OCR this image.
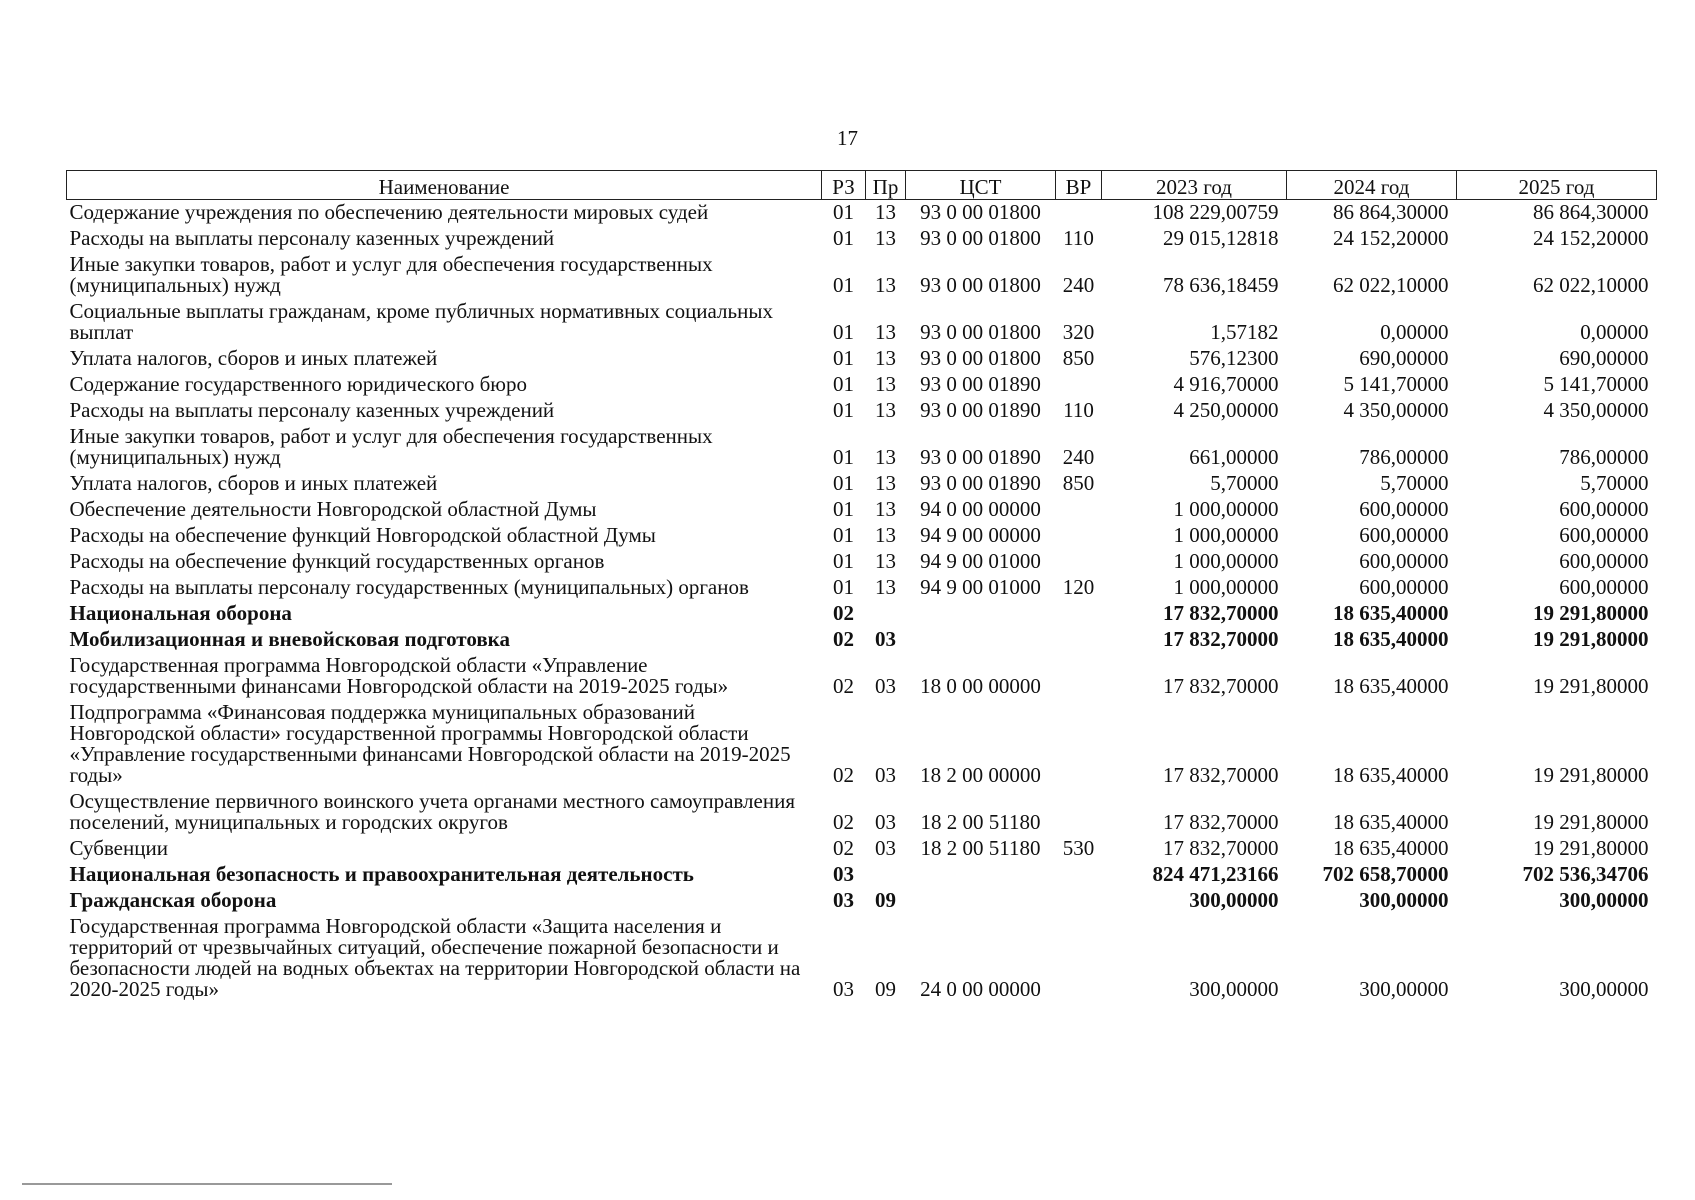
17
Наименование	РЗ	Пр	ЦСТ	ВР	2023 год	2024 год	2025 год
Содержание учреждения по обеспечению деятельности мировых судей	01	13	93 0 00 01800		108 229,00759	86 864,30000	86 864,30000
Расходы на выплаты персоналу казенных учреждений	01	13	93 0 00 01800	110	29 015,12818	24 152,20000	24 152,20000
Иные закупки товаров, работ и услуг для обеспечения государственных (муниципальных) нужд	01	13	93 0 00 01800	240	78 636,18459	62 022,10000	62 022,10000
Социальные выплаты гражданам, кроме публичных нормативных социальных выплат	01	13	93 0 00 01800	320	1,57182	0,00000	0,00000
Уплата налогов, сборов и иных платежей	01	13	93 0 00 01800	850	576,12300	690,00000	690,00000
Содержание государственного юридического бюро	01	13	93 0 00 01890		4 916,70000	5 141,70000	5 141,70000
Расходы на выплаты персоналу казенных учреждений	01	13	93 0 00 01890	110	4 250,00000	4 350,00000	4 350,00000
Иные закупки товаров, работ и услуг для обеспечения государственных (муниципальных) нужд	01	13	93 0 00 01890	240	661,00000	786,00000	786,00000
Уплата налогов, сборов и иных платежей	01	13	93 0 00 01890	850	5,70000	5,70000	5,70000
Обеспечение деятельности Новгородской областной Думы	01	13	94 0 00 00000		1 000,00000	600,00000	600,00000
Расходы на обеспечение функций Новгородской областной Думы	01	13	94 9 00 00000		1 000,00000	600,00000	600,00000
Расходы на обеспечение функций государственных органов	01	13	94 9 00 01000		1 000,00000	600,00000	600,00000
Расходы на выплаты персоналу государственных (муниципальных) органов	01	13	94 9 00 01000	120	1 000,00000	600,00000	600,00000
Национальная оборона	02				17 832,70000	18 635,40000	19 291,80000
Мобилизационная и вневойсковая подготовка	02	03			17 832,70000	18 635,40000	19 291,80000
Государственная программа Новгородской области «Управление государственными финансами Новгородской области на 2019-2025 годы»	02	03	18 0 00 00000		17 832,70000	18 635,40000	19 291,80000
Подпрограмма «Финансовая поддержка муниципальных образований Новгородской области» государственной программы Новгородской области «Управление государственными финансами Новгородской области на 2019-2025 годы»	02	03	18 2 00 00000		17 832,70000	18 635,40000	19 291,80000
Осуществление первичного воинского учета органами местного самоуправления поселений, муниципальных и городских округов	02	03	18 2 00 51180		17 832,70000	18 635,40000	19 291,80000
Субвенции	02	03	18 2 00 51180	530	17 832,70000	18 635,40000	19 291,80000
Национальная безопасность и правоохранительная деятельность	03				824 471,23166	702 658,70000	702 536,34706
Гражданская оборона	03	09			300,00000	300,00000	300,00000
Государственная программа Новгородской области «Защита населения и территорий от чрезвычайных ситуаций, обеспечение пожарной безопасности и безопасности людей на водных объектах на территории Новгородской области на 2020-2025 годы»	03	09	24 0 00 00000		300,00000	300,00000	300,00000
